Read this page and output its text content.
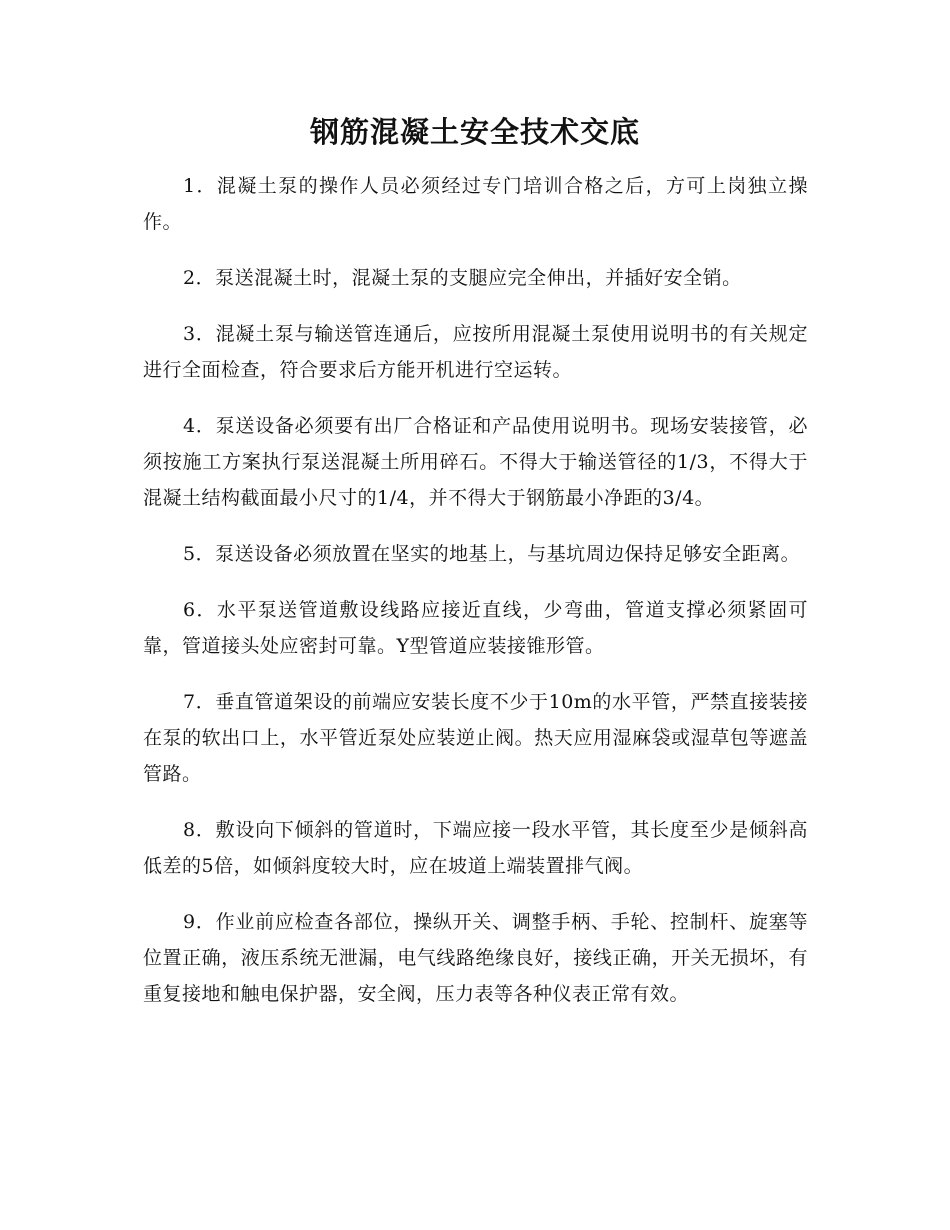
钢筋混凝土安全技术交底

1．混凝土泵的操作人员必须经过专门培训合格之后，方可上岗独立操作。

2．泵送混凝土时，混凝土泵的支腿应完全伸出，并插好安全销。

3．混凝土泵与输送管连通后，应按所用混凝土泵使用说明书的有关规定进行全面检查，符合要求后方能开机进行空运转。

4．泵送设备必须要有出厂合格证和产品使用说明书。现场安装接管，必须按施工方案执行泵送混凝土所用碎石。不得大于输送管径的1/3，不得大于混凝土结构截面最小尺寸的1/4，并不得大于钢筋最小净距的3/4。

5．泵送设备必须放置在坚实的地基上，与基坑周边保持足够安全距离。

6．水平泵送管道敷设线路应接近直线，少弯曲，管道支撑必须紧固可靠，管道接头处应密封可靠。Y型管道应装接锥形管。

7．垂直管道架设的前端应安装长度不少于10m的水平管，严禁直接装接在泵的软出口上，水平管近泵处应装逆止阀。热天应用湿麻袋或湿草包等遮盖管路。

8．敷设向下倾斜的管道时，下端应接一段水平管，其长度至少是倾斜高低差的5倍，如倾斜度较大时，应在坡道上端装置排气阀。

9．作业前应检查各部位，操纵开关、调整手柄、手轮、控制杆、旋塞等位置正确，液压系统无泄漏，电气线路绝缘良好，接线正确，开关无损坏，有重复接地和触电保护器，安全阀，压力表等各种仪表正常有效。
